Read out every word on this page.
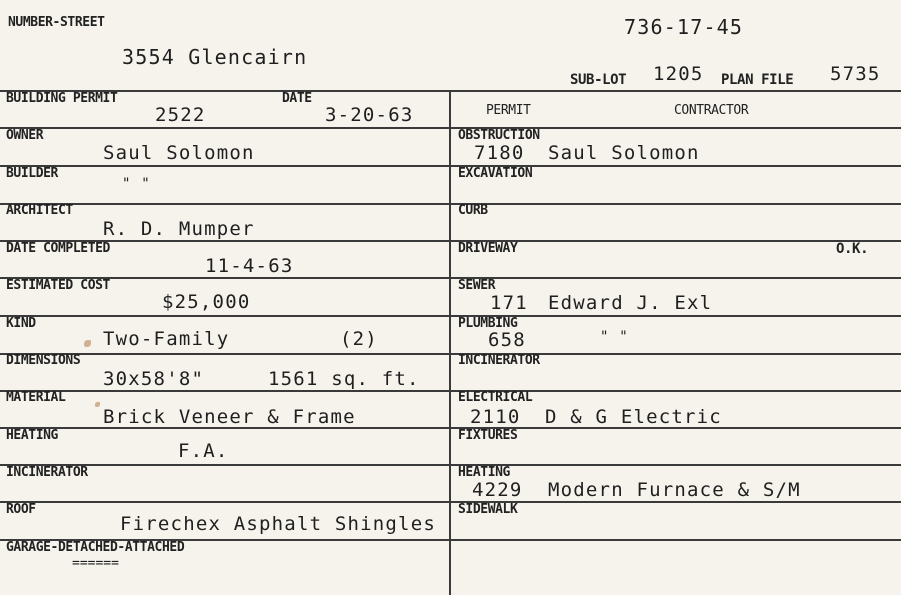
NUMBER-STREET
3554 Glencairn
736-17-45
SUB-LOT 1205 PLAN FILE 5735
BUILDING PERMIT	DATE
2522	3-20-63
OWNER
Saul Solomon
BUILDER
" "
ARCHITECT
R. D. Mumper
DATE COMPLETED
11-4-63
ESTIMATED COST
$25,000
KIND
Two-Family	(2)
DIMENSIONS
30x58'8"	1561 sq. ft.
MATERIAL
Brick Veneer & Frame
HEATING
F.A.
INCINERATOR
ROOF
Firechex Asphalt Shingles
GARAGE-DETACHED-ATTACHED
======
PERMIT	CONTRACTOR
OBSTRUCTION
7180 Saul Solomon
EXCAVATION
CURB
DRIVEWAY	O.K.
SEWER
171 Edward J. Exl
PLUMBING
658	" "
INCINERATOR
ELECTRICAL
2110 D & G Electric
FIXTURES
HEATING
4229 Modern Furnace & S/M
SIDEWALK
